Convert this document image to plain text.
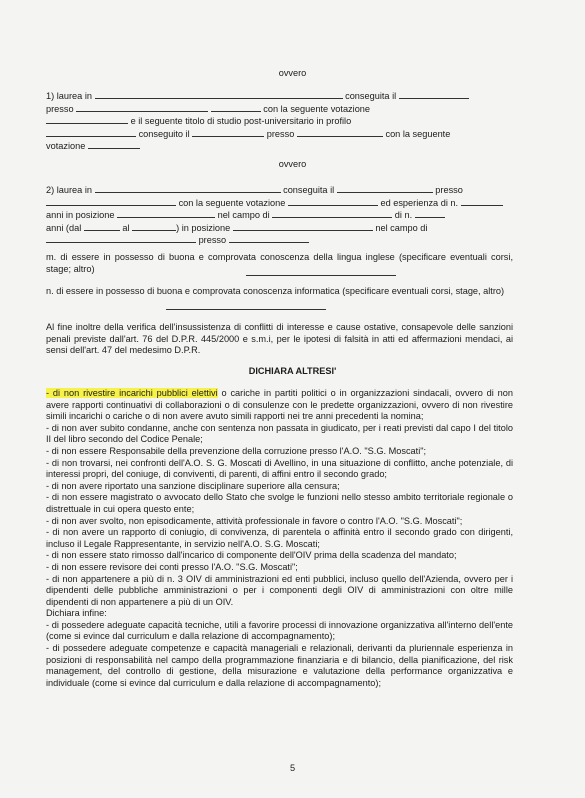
ovvero
1) laurea in	conseguita il
presso	con la seguente votazione
e il seguente titolo di studio post-universitario in profilo
conseguito il	presso	con la seguente
votazione
ovvero
2) laurea in	conseguita il	presso
con la seguente votazione	ed esperienza di n.
anni in posizione	nel campo di	di n.
anni (dal	al	) in posizione	nel campo di
presso

m. di essere in possesso di buona e comprovata conoscenza della lingua inglese (specificare eventuali corsi, stage; altro)

n. di essere in possesso di buona e comprovata conoscenza informatica (specificare eventuali corsi, stage, altro)

Al fine inoltre della verifica dell'insussistenza di conflitti di interesse e cause ostative, consapevole delle sanzioni penali previste dall'art. 76 del D.P.R. 445/2000 e s.m.i, per le ipotesi di falsità in atti ed affermazioni mendaci, ai sensi dell'art. 47 del medesimo D.P.R.

DICHIARA ALTRESI'

- di non rivestire incarichi pubblici elettivi o cariche in partiti politici o in organizzazioni sindacali, ovvero di non avere rapporti continuativi di collaborazioni o di consulenze con le predette organizzazioni, ovvero di non rivestire simili incarichi o cariche o di non avere avuto simili rapporti nei tre anni precedenti la nomina;

- di non aver subito condanne, anche con sentenza non passata in giudicato, per i reati previsti dal capo I del titolo II del libro secondo del Codice Penale;

- di non essere Responsabile della prevenzione della corruzione presso l'A.O. "S.G. Moscati";

- di non trovarsi, nei confronti dell'A.O. S. G. Moscati di Avellino, in una situazione di conflitto, anche potenziale, di interessi propri, del coniuge, di conviventi, di parenti, di affini entro il secondo grado;

- di non avere riportato una sanzione disciplinare superiore alla censura;

- di non essere magistrato o avvocato dello Stato che svolge le funzioni nello stesso ambito territoriale regionale o distrettuale in cui opera questo ente;

- di non aver svolto, non episodicamente, attività professionale in favore o contro l'A.O. "S.G. Moscati";

- di non avere un rapporto di coniugio, di convivenza, di parentela o affinità entro il secondo grado con dirigenti, incluso il Legale Rappresentante, in servizio nell'A.O. S.G. Moscati;

- di non essere stato rimosso dall'incarico di componente dell'OIV prima della scadenza del mandato;

- di non essere revisore dei conti presso l'A.O. "S.G. Moscati";

- di non appartenere a più di n. 3 OIV di amministrazioni ed enti pubblici, incluso quello dell'Azienda, ovvero per i dipendenti delle pubbliche amministrazioni o per i componenti degli OIV di amministrazioni con oltre mille dipendenti di non appartenere a più di un OIV.

Dichiara infine:

- di possedere adeguate capacità tecniche, utili a favorire processi di innovazione organizzativa all'interno dell'ente (come si evince dal curriculum e dalla relazione di accompagnamento);

- di possedere adeguate competenze e capacità manageriali e relazionali, derivanti da pluriennale esperienza in posizioni di responsabilità nel campo della programmazione finanziaria e di bilancio, della pianificazione, del risk management, del controllo di gestione, della misurazione e valutazione della performance organizzativa e individuale (come si evince dal curriculum e dalla relazione di accompagnamento);

5
